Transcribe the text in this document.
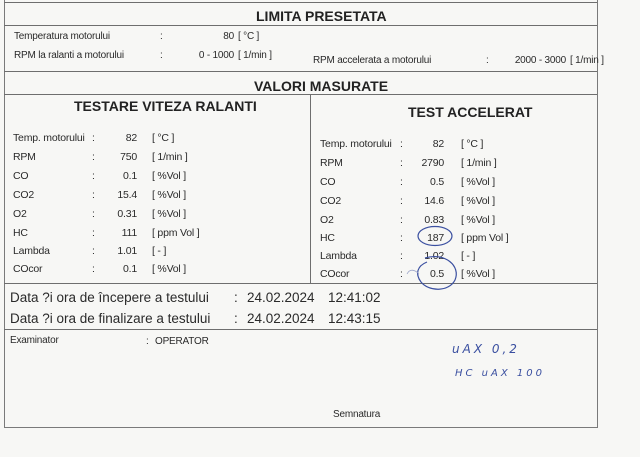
LIMITA PRESETATA
Temperatura motorului	:	80 [ °C ]
RPM la ralanti a motorului	:	0 - 1000 [ 1/min ]	RPM accelerata a motorului	:	2000 - 3000 [ 1/min ]
VALORI MASURATE
TESTARE VITEZA RALANTI	TEST ACCELERAT
Temp. motorului :	82 [ °C ]
RPM	:	750 [ 1/min ]
CO	:	0.1 [ %Vol ]
CO2	:	15.4 [ %Vol ]
O2	:	0.31 [ %Vol ]
HC	:	111 [ ppm Vol ]
Lambda	:	1.01 [ - ]
COcor	:	0.1 [ %Vol ]
Temp. motorului :	82 [ °C ]
RPM	:	2790 [ 1/min ]
CO	:	0.5 [ %Vol ]
CO2	:	14.6 [ %Vol ]
O2	:	0.83 [ %Vol ]
HC	:	187 [ ppm Vol ]
Lambda	:	1.02 [ - ]
COcor	:	0.5 [ %Vol ]
Data ?i ora de începere a testului : 24.02.2024 12:41:02
Data ?i ora de finalizare a testului : 24.02.2024 12:43:15
Examinator	: OPERATOR
uAX 0,2
HC uAX 100
Semnatura
